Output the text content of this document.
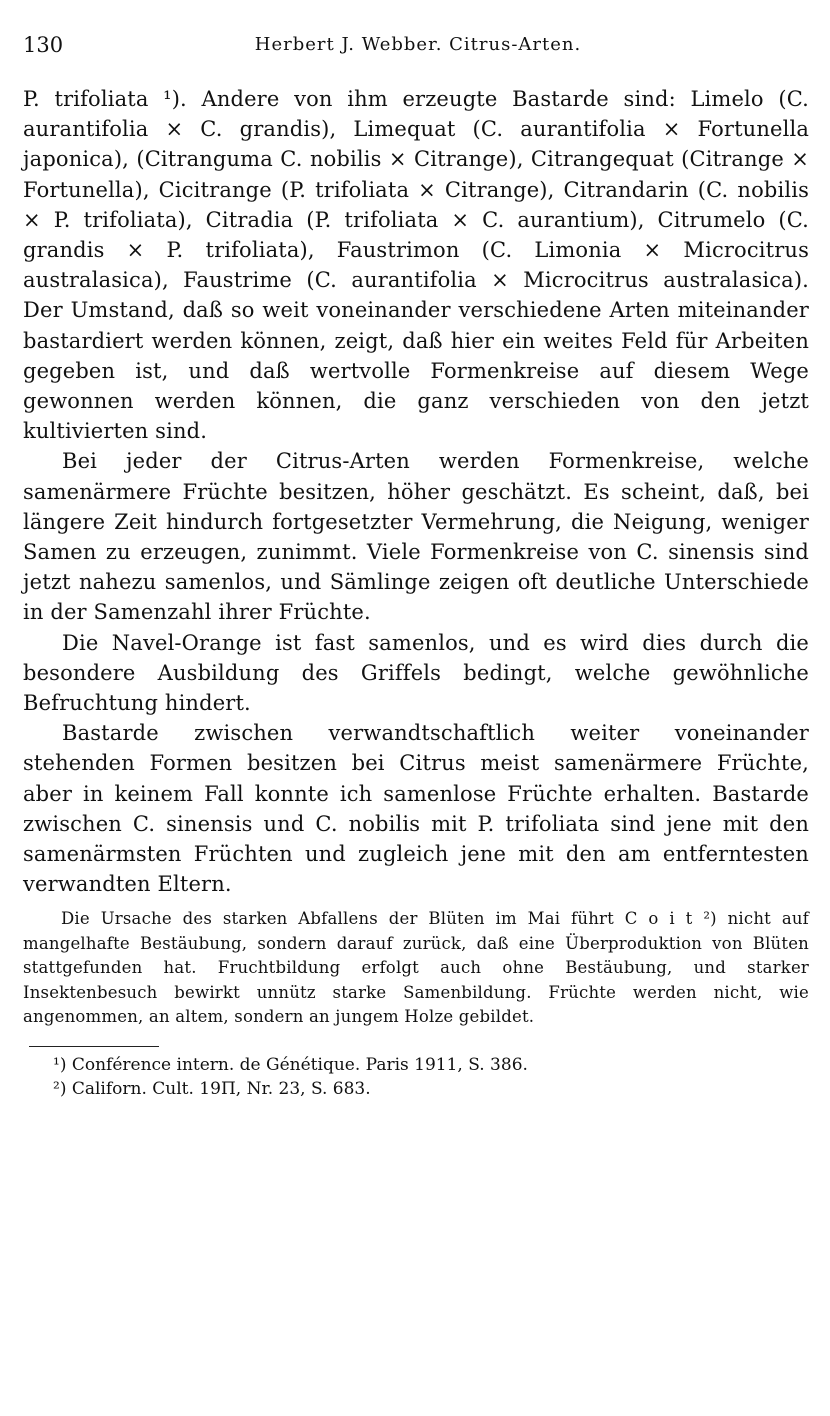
130	Herbert J. Webber. Citrus-Arten.

P. trifoliata ¹). Andere von ihm erzeugte Bastarde sind: Limelo (C. aurantifolia × C. grandis), Limequat (C. aurantifolia × Fortunella japonica), (Citranguma C. nobilis × Citrange), Citrangequat (Citrange × Fortunella), Cicitrange (P. trifoliata × Citrange), Citrandarin (C. nobilis × P. trifoliata), Citradia (P. trifoliata × C. aurantium), Citrumelo (C. grandis × P. trifoliata), Faustrimon (C. Limonia × Microcitrus australasica), Faustrime (C. aurantifolia × Microcitrus australasica). Der Umstand, daß so weit voneinander verschiedene Arten miteinander bastardiert werden können, zeigt, daß hier ein weites Feld für Arbeiten gegeben ist, und daß wertvolle Formenkreise auf diesem Wege gewonnen werden können, die ganz verschieden von den jetzt kultivierten sind.

Bei jeder der Citrus-Arten werden Formenkreise, welche samenärmere Früchte besitzen, höher geschätzt. Es scheint, daß, bei längere Zeit hindurch fortgesetzter Vermehrung, die Neigung, weniger Samen zu erzeugen, zunimmt. Viele Formenkreise von C. sinensis sind jetzt nahezu samenlos, und Sämlinge zeigen oft deutliche Unterschiede in der Samenzahl ihrer Früchte.

Die Navel-Orange ist fast samenlos, und es wird dies durch die besondere Ausbildung des Griffels bedingt, welche gewöhnliche Befruchtung hindert.

Bastarde zwischen verwandtschaftlich weiter voneinander stehenden Formen besitzen bei Citrus meist samenärmere Früchte, aber in keinem Fall konnte ich samenlose Früchte erhalten. Bastarde zwischen C. sinensis und C. nobilis mit P. trifoliata sind jene mit den samenärmsten Früchten und zugleich jene mit den am entferntesten verwandten Eltern.

Die Ursache des starken Abfallens der Blüten im Mai führt C o i t ²) nicht auf mangelhafte Bestäubung, sondern darauf zurück, daß eine Überproduktion von Blüten stattgefunden hat. Fruchtbildung erfolgt auch ohne Bestäubung, und starker Insektenbesuch bewirkt unnütz starke Samenbildung. Früchte werden nicht, wie angenommen, an altem, sondern an jungem Holze gebildet.

¹) Conférence intern. de Génétique. Paris 1911, S. 386.

²) Californ. Cult. 19⁠П, Nr. 23, S. 683.
